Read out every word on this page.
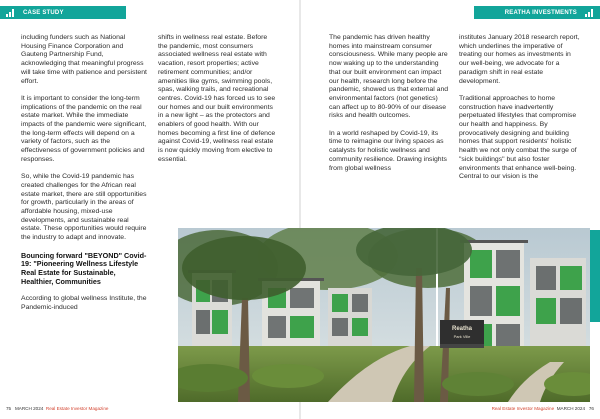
CASE STUDY	REATHA INVESTMENTS

including funders such as National Housing Finance Corporation and Gauteng Partnership Fund, acknowledging that meaningful progress will take time with patience and persistent effort.

It is important to consider the long-term implications of the pandemic on the real estate market. While the immediate impacts of the pandemic were significant, the long-term effects will depend on a variety of factors, such as the effectiveness of government policies and responses.

So, while the Covid-19 pandemic has created challenges for the African real estate market, there are still opportunities for growth, particularly in the areas of affordable housing, mixed-use developments, and sustainable real estate. These opportunities would require the industry to adapt and innovate.

Bouncing forward "BEYOND" Covid-19: "Pioneering Wellness Lifestyle Real Estate for Sustainable, Healthier, Communities

According to global wellness Institute, the Pandemic-induced

shifts in wellness real estate. Before the pandemic, most consumers associated wellness real estate with vacation, resort properties; active retirement communities; and/or amenities like gyms, swimming pools, spas, walking trails, and recreational centres. Covid-19 has forced us to see our homes and our built environments in a new light – as the protectors and enablers of good health. With our homes becoming a first line of defence against Covid-19, wellness real estate is now quickly moving from elective to essential.

The pandemic has driven healthy homes into mainstream consumer consciousness. While many people are now waking up to the understanding that our built environment can impact our health, research long before the pandemic, showed us that external and environmental factors (not genetics) can affect up to 80-90% of our disease risks and health outcomes.

In a world reshaped by Covid-19, its time to reimagine our living spaces as catalysts for holistic wellness and community resilience. Drawing insights from global wellness

institutes January 2018 research report, which underlines the imperative of treating our homes as investments in our well-being, we advocate for a paradigm shift in real estate development.

Traditional approaches to home construction have inadvertently perpetuated lifestyles that compromise our health and happiness. By provocatively designing and building homes that support residents' holistic health we not only combat the surge of "sick buildings" but also foster environments that enhance well-being. Central to our vision is the

Reatha
Park Ville
75 MARCH 2024 Real Estate Investor Magazine	Real Estate Investor Magazine MARCH 2024 76
